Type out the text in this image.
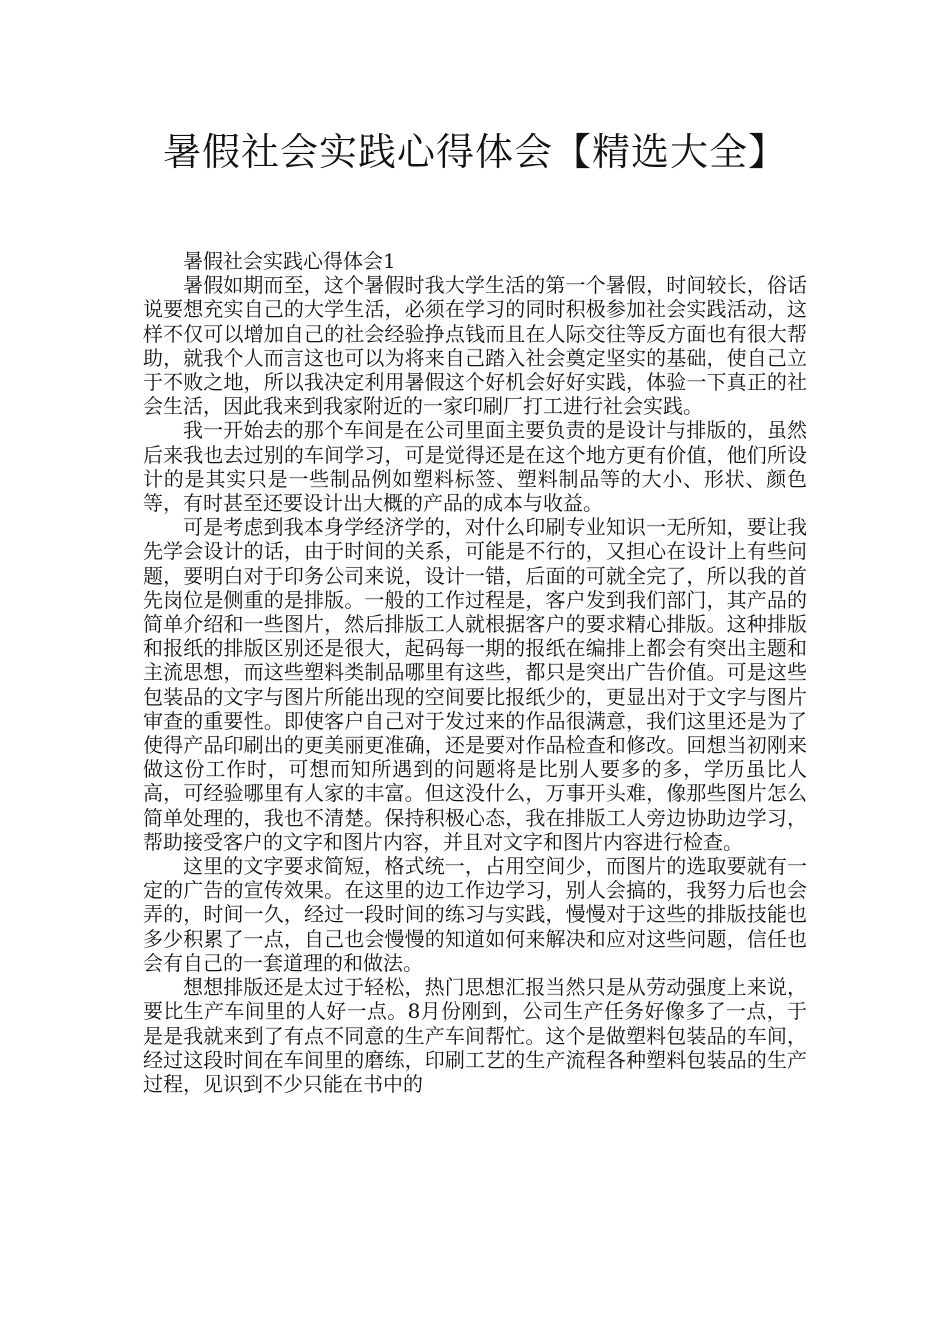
暑假社会实践心得体会【精选大全】

暑假社会实践心得体会1

暑假如期而至，这个暑假时我大学生活的第一个暑假，时间较长，俗话说要想充实自己的大学生活，必须在学习的同时积极参加社会实践活动，这样不仅可以增加自己的社会经验挣点钱而且在人际交往等反方面也有很大帮助，就我个人而言这也可以为将来自己踏入社会奠定坚实的基础，使自己立于不败之地，所以我决定利用暑假这个好机会好好实践，体验一下真正的社会生活，因此我来到我家附近的一家印刷厂打工进行社会实践。

我一开始去的那个车间是在公司里面主要负责的是设计与排版的，虽然后来我也去过别的车间学习，可是觉得还是在这个地方更有价值，他们所设计的是其实只是一些制品例如塑料标签、塑料制品等的大小、形状、颜色等，有时甚至还要设计出大概的产品的成本与收益。

可是考虑到我本身学经济学的，对什么印刷专业知识一无所知，要让我先学会设计的话，由于时间的关系，可能是不行的，又担心在设计上有些问题，要明白对于印务公司来说，设计一错，后面的可就全完了，所以我的首先岗位是侧重的是排版。一般的工作过程是，客户发到我们部门，其产品的简单介绍和一些图片，然后排版工人就根据客户的要求精心排版。这种排版和报纸的排版区别还是很大，起码每一期的报纸在编排上都会有突出主题和主流思想，而这些塑料类制品哪里有这些，都只是突出广告价值。可是这些包装品的文字与图片所能出现的空间要比报纸少的，更显出对于文字与图片审查的重要性。即使客户自己对于发过来的作品很满意，我们这里还是为了使得产品印刷出的更美丽更准确，还是要对作品检查和修改。回想当初刚来做这份工作时，可想而知所遇到的问题将是比别人要多的多，学历虽比人高，可经验哪里有人家的丰富。但这没什么，万事开头难，像那些图片怎么简单处理的，我也不清楚。保持积极心态，我在排版工人旁边协助边学习，帮助接受客户的文字和图片内容，并且对文字和图片内容进行检查。

这里的文字要求简短，格式统一，占用空间少，而图片的选取要就有一定的广告的宣传效果。在这里的边工作边学习，别人会搞的，我努力后也会弄的，时间一久，经过一段时间的练习与实践，慢慢对于这些的排版技能也多少积累了一点，自己也会慢慢的知道如何来解决和应对这些问题，信任也会有自己的一套道理的和做法。

想想排版还是太过于轻松，热门思想汇报当然只是从劳动强度上来说，要比生产车间里的人好一点。8月份刚到，公司生产任务好像多了一点，于是是我就来到了有点不同意的生产车间帮忙。这个是做塑料包装品的车间，经过这段时间在车间里的磨练，印刷工艺的生产流程各种塑料包装品的生产过程，见识到不少只能在书中的
